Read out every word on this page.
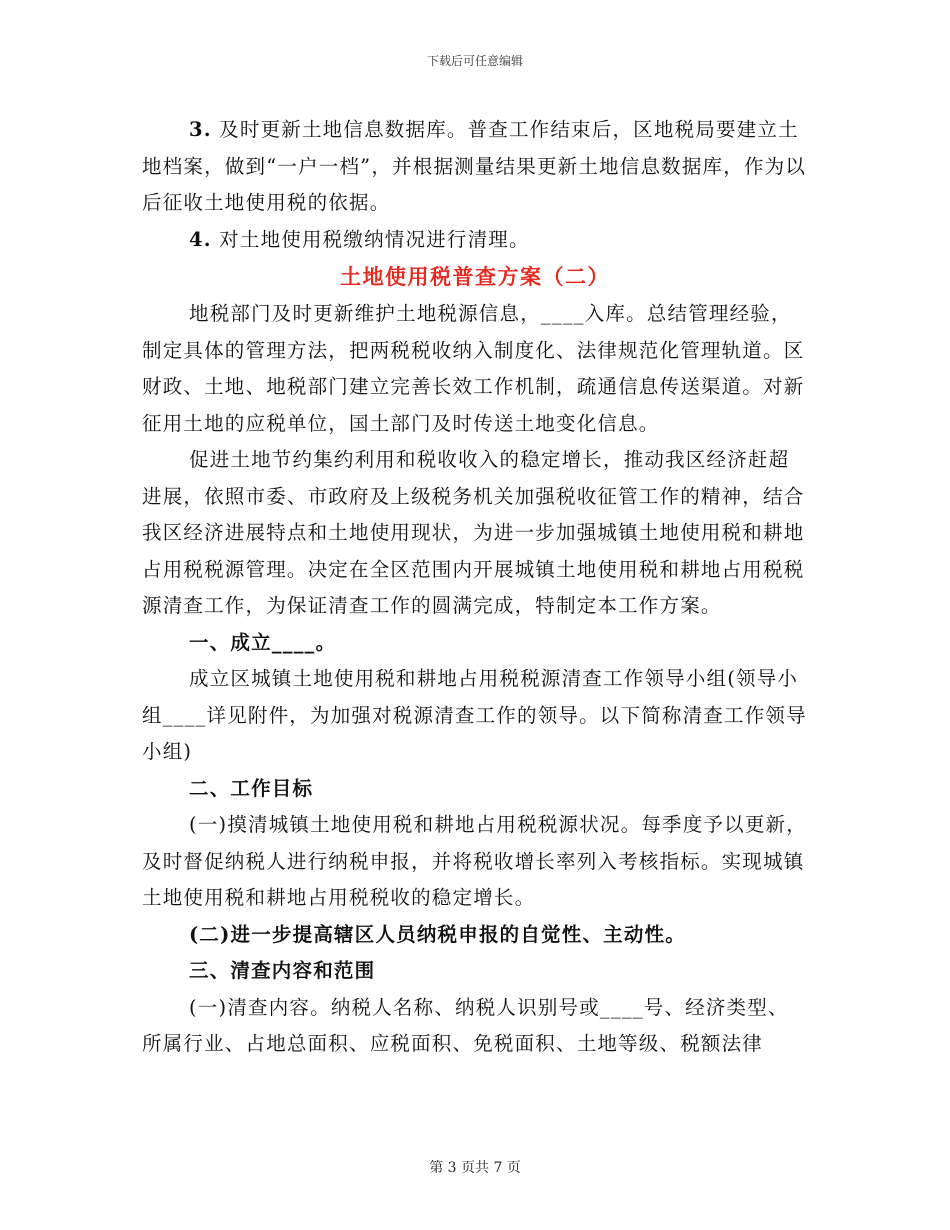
下载后可任意编辑

3. 及时更新土地信息数据库。普查工作结束后，区地税局要建立土地档案，做到“一户一档”，并根据测量结果更新土地信息数据库，作为以后征收土地使用税的依据。

4. 对土地使用税缴纳情况进行清理。

土地使用税普查方案（二）

地税部门及时更新维护土地税源信息，____入库。总结管理经验，制定具体的管理方法，把两税税收纳入制度化、法律规范化管理轨道。区财政、土地、地税部门建立完善长效工作机制，疏通信息传送渠道。对新征用土地的应税单位，国土部门及时传送土地变化信息。

促进土地节约集约利用和税收收入的稳定增长，推动我区经济赶超进展，依照市委、市政府及上级税务机关加强税收征管工作的精神，结合我区经济进展特点和土地使用现状，为进一步加强城镇土地使用税和耕地占用税税源管理。决定在全区范围内开展城镇土地使用税和耕地占用税税源清查工作，为保证清查工作的圆满完成，特制定本工作方案。

一、成立____。

成立区城镇土地使用税和耕地占用税税源清查工作领导小组(领导小组____详见附件，为加强对税源清查工作的领导。以下简称清查工作领导小组)

二、工作目标

(一)摸清城镇土地使用税和耕地占用税税源状况。每季度予以更新，及时督促纳税人进行纳税申报，并将税收增长率列入考核指标。实现城镇土地使用税和耕地占用税税收的稳定增长。

(二)进一步提高辖区人员纳税申报的自觉性、主动性。

三、清查内容和范围

(一)清查内容。纳税人名称、纳税人识别号或____号、经济类型、所属行业、占地总面积、应税面积、免税面积、土地等级、税额法律

第 3 页共 7 页
